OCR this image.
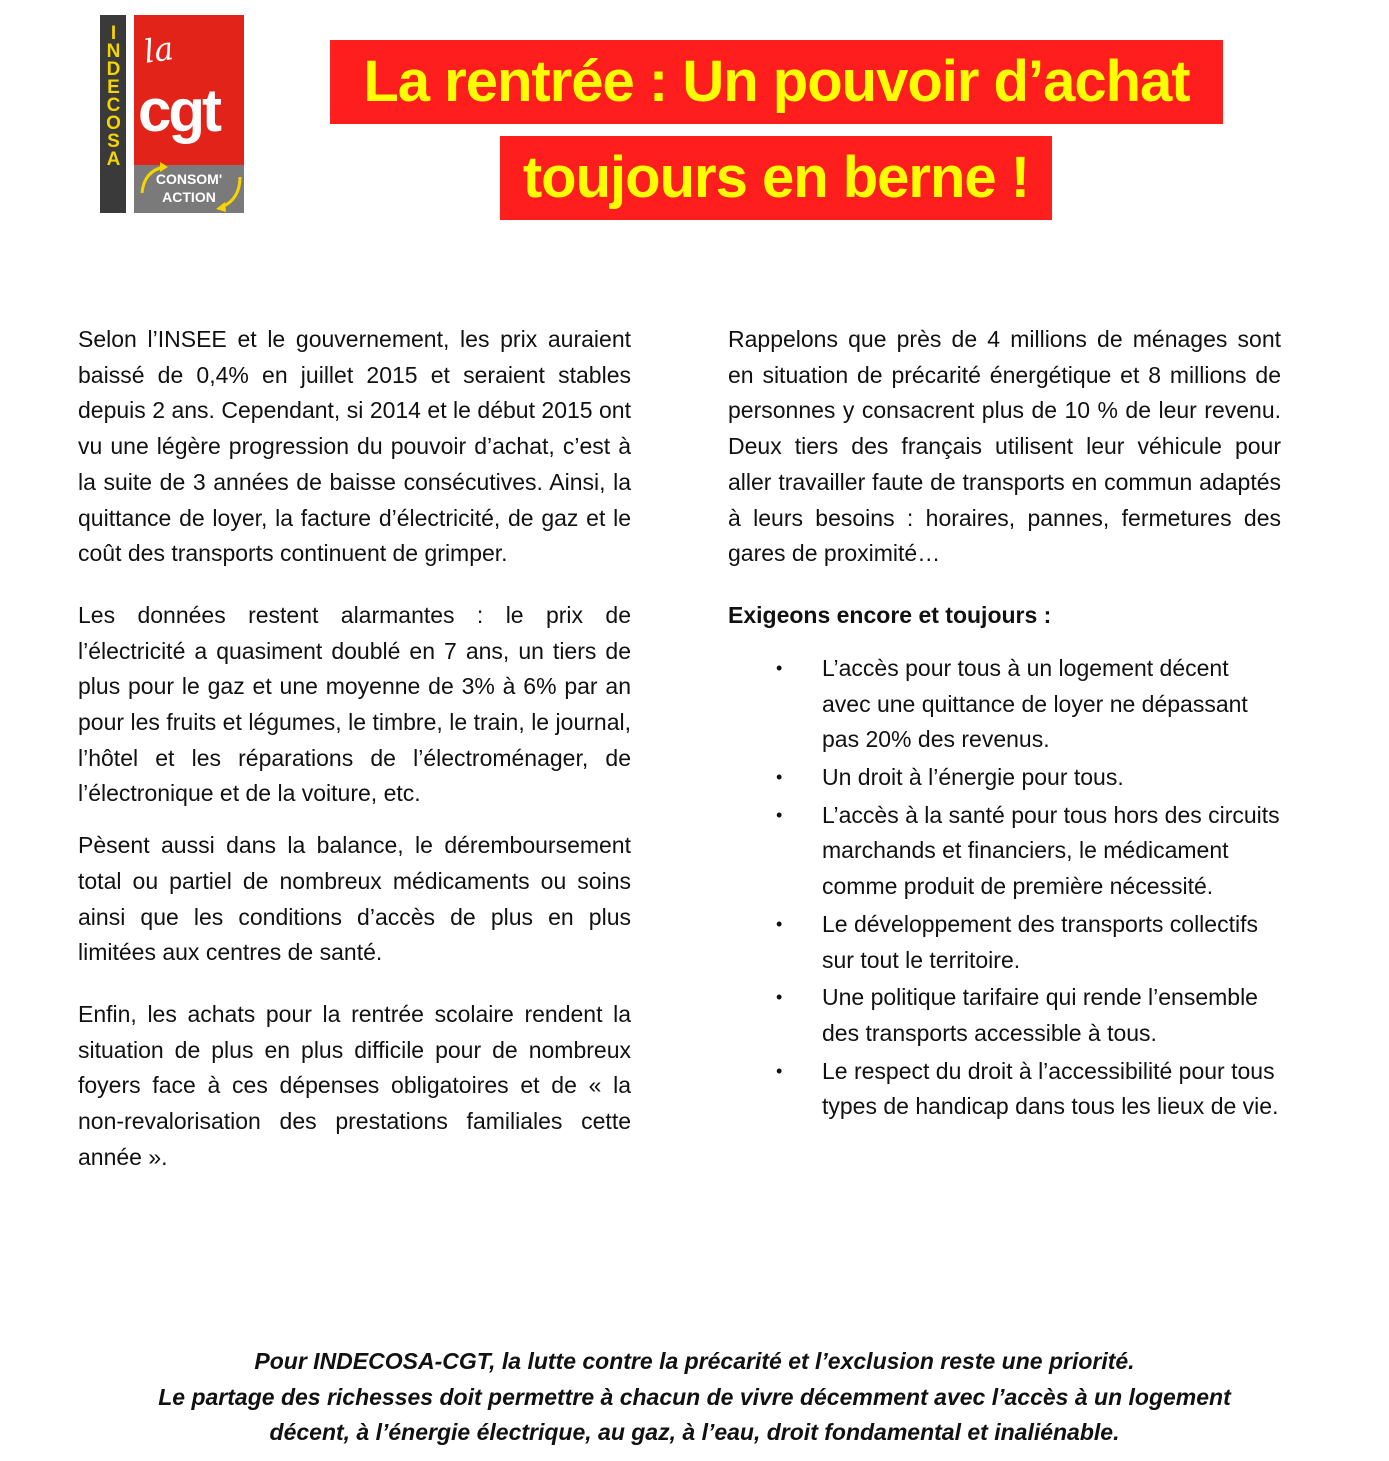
INDECOSA la
cgt
CONSOM'
ACTION
La rentrée : Un pouvoir d’achat
toujours en berne !

Selon l’INSEE et le gouvernement, les prix auraient baissé de 0,4% en juillet 2015 et seraient stables depuis 2 ans. Cependant, si 2014 et le début 2015 ont vu une légère progression du pouvoir d’achat, c’est à la suite de 3 années de baisse consécutives. Ainsi, la quittance de loyer, la facture d’électricité, de gaz et le coût des transports continuent de grimper.

Les données restent alarmantes : le prix de l’électricité a quasiment doublé en 7 ans, un tiers de plus pour le gaz et une moyenne de 3% à 6% par an pour les fruits et légumes, le timbre, le train, le journal, l’hôtel et les réparations de l’électroménager, de l’électronique et de la voiture, etc.

Pèsent aussi dans la balance, le déremboursement total ou partiel de nombreux médicaments ou soins ainsi que les conditions d’accès de plus en plus limitées aux centres de santé.

Enfin, les achats pour la rentrée scolaire rendent la situation de plus en plus difficile pour de nombreux foyers face à ces dépenses obligatoires et de « la non-revalorisation des prestations familiales cette année ».

Rappelons que près de 4 millions de ménages sont en situation de précarité énergétique et 8 millions de personnes y consacrent plus de 10 % de leur revenu. Deux tiers des français utilisent leur véhicule pour aller travailler faute de transports en commun adaptés à leurs besoins : horaires, pannes, fermetures des gares de proximité…

Exigeons encore et toujours :
• L’accès pour tous à un logement décent avec une quittance de loyer ne dépassant pas 20% des revenus.
• Un droit à l’énergie pour tous.
• L’accès à la santé pour tous hors des circuits marchands et financiers, le médicament comme produit de première nécessité.
• Le développement des transports collectifs sur tout le territoire.
• Une politique tarifaire qui rende l’ensemble des transports accessible à tous.
• Le respect du droit à l’accessibilité pour tous types de handicap dans tous les lieux de vie.
Pour INDECOSA-CGT, la lutte contre la précarité et l’exclusion reste une priorité.
Le partage des richesses doit permettre à chacun de vivre décemment avec l’accès à un logement
décent, à l’énergie électrique, au gaz, à l’eau, droit fondamental et inaliénable.
